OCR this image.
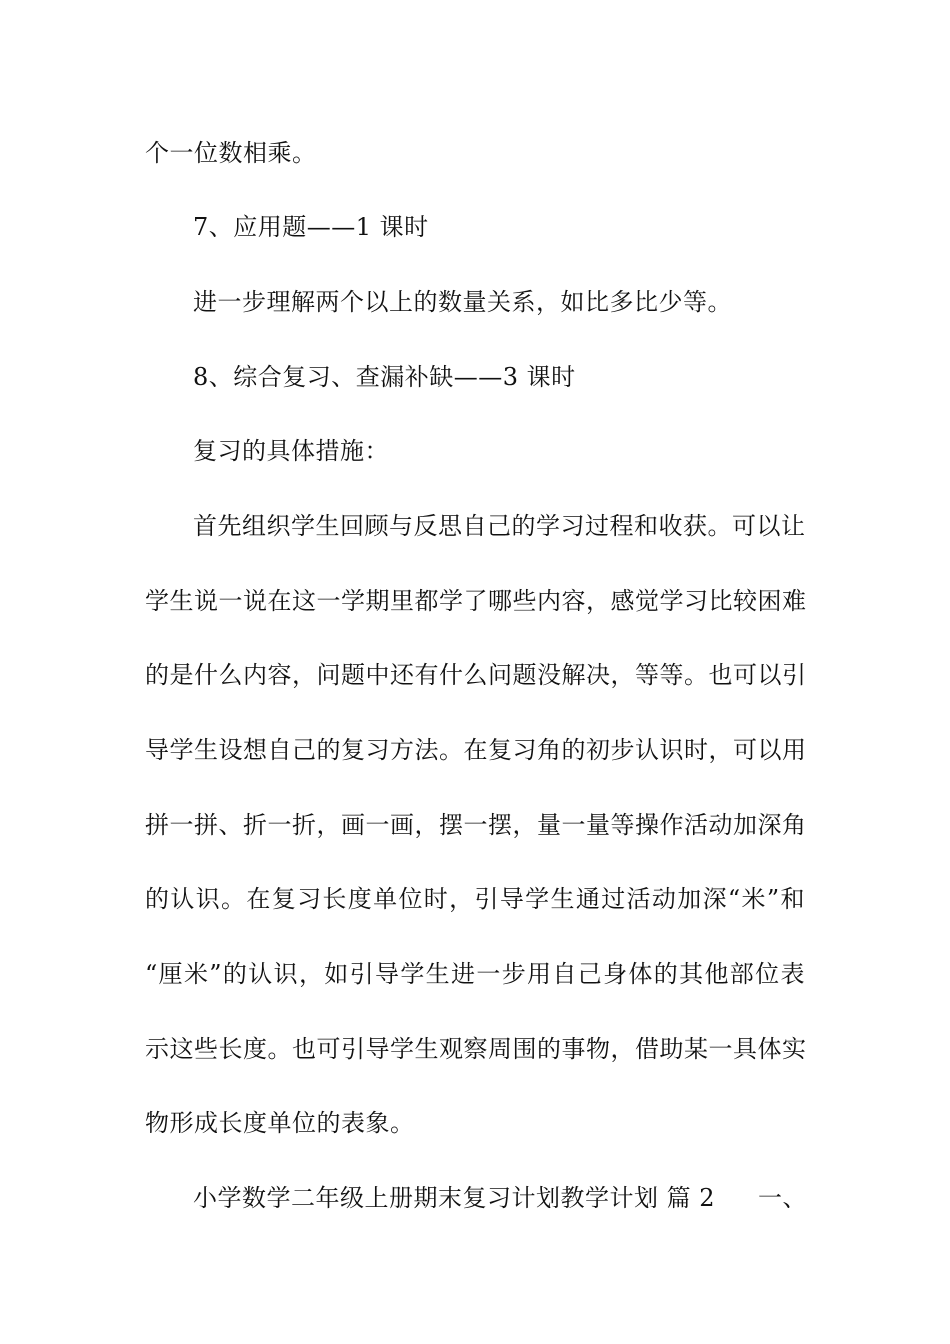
个一位数相乘。
7、应用题——1 课时
进一步理解两个以上的数量关系，如比多比少等。
8、综合复习、查漏补缺——3 课时
复习的具体措施：
首先组织学生回顾与反思自己的学习过程和收获。可以让
学生说一说在这一学期里都学了哪些内容，感觉学习比较困难
的是什么内容，问题中还有什么问题没解决，等等。也可以引
导学生设想自己的复习方法。在复习角的初步认识时，可以用
拼一拼、折一折，画一画，摆一摆，量一量等操作活动加深角
的认识。在复习长度单位时，引导学生通过活动加深“米”和
“厘米”的认识，如引导学生进一步用自己身体的其他部位表
示这些长度。也可引导学生观察周围的事物，借助某一具体实
物形成长度单位的表象。
小学数学二年级上册期末复习计划教学计划 篇 2 一、
